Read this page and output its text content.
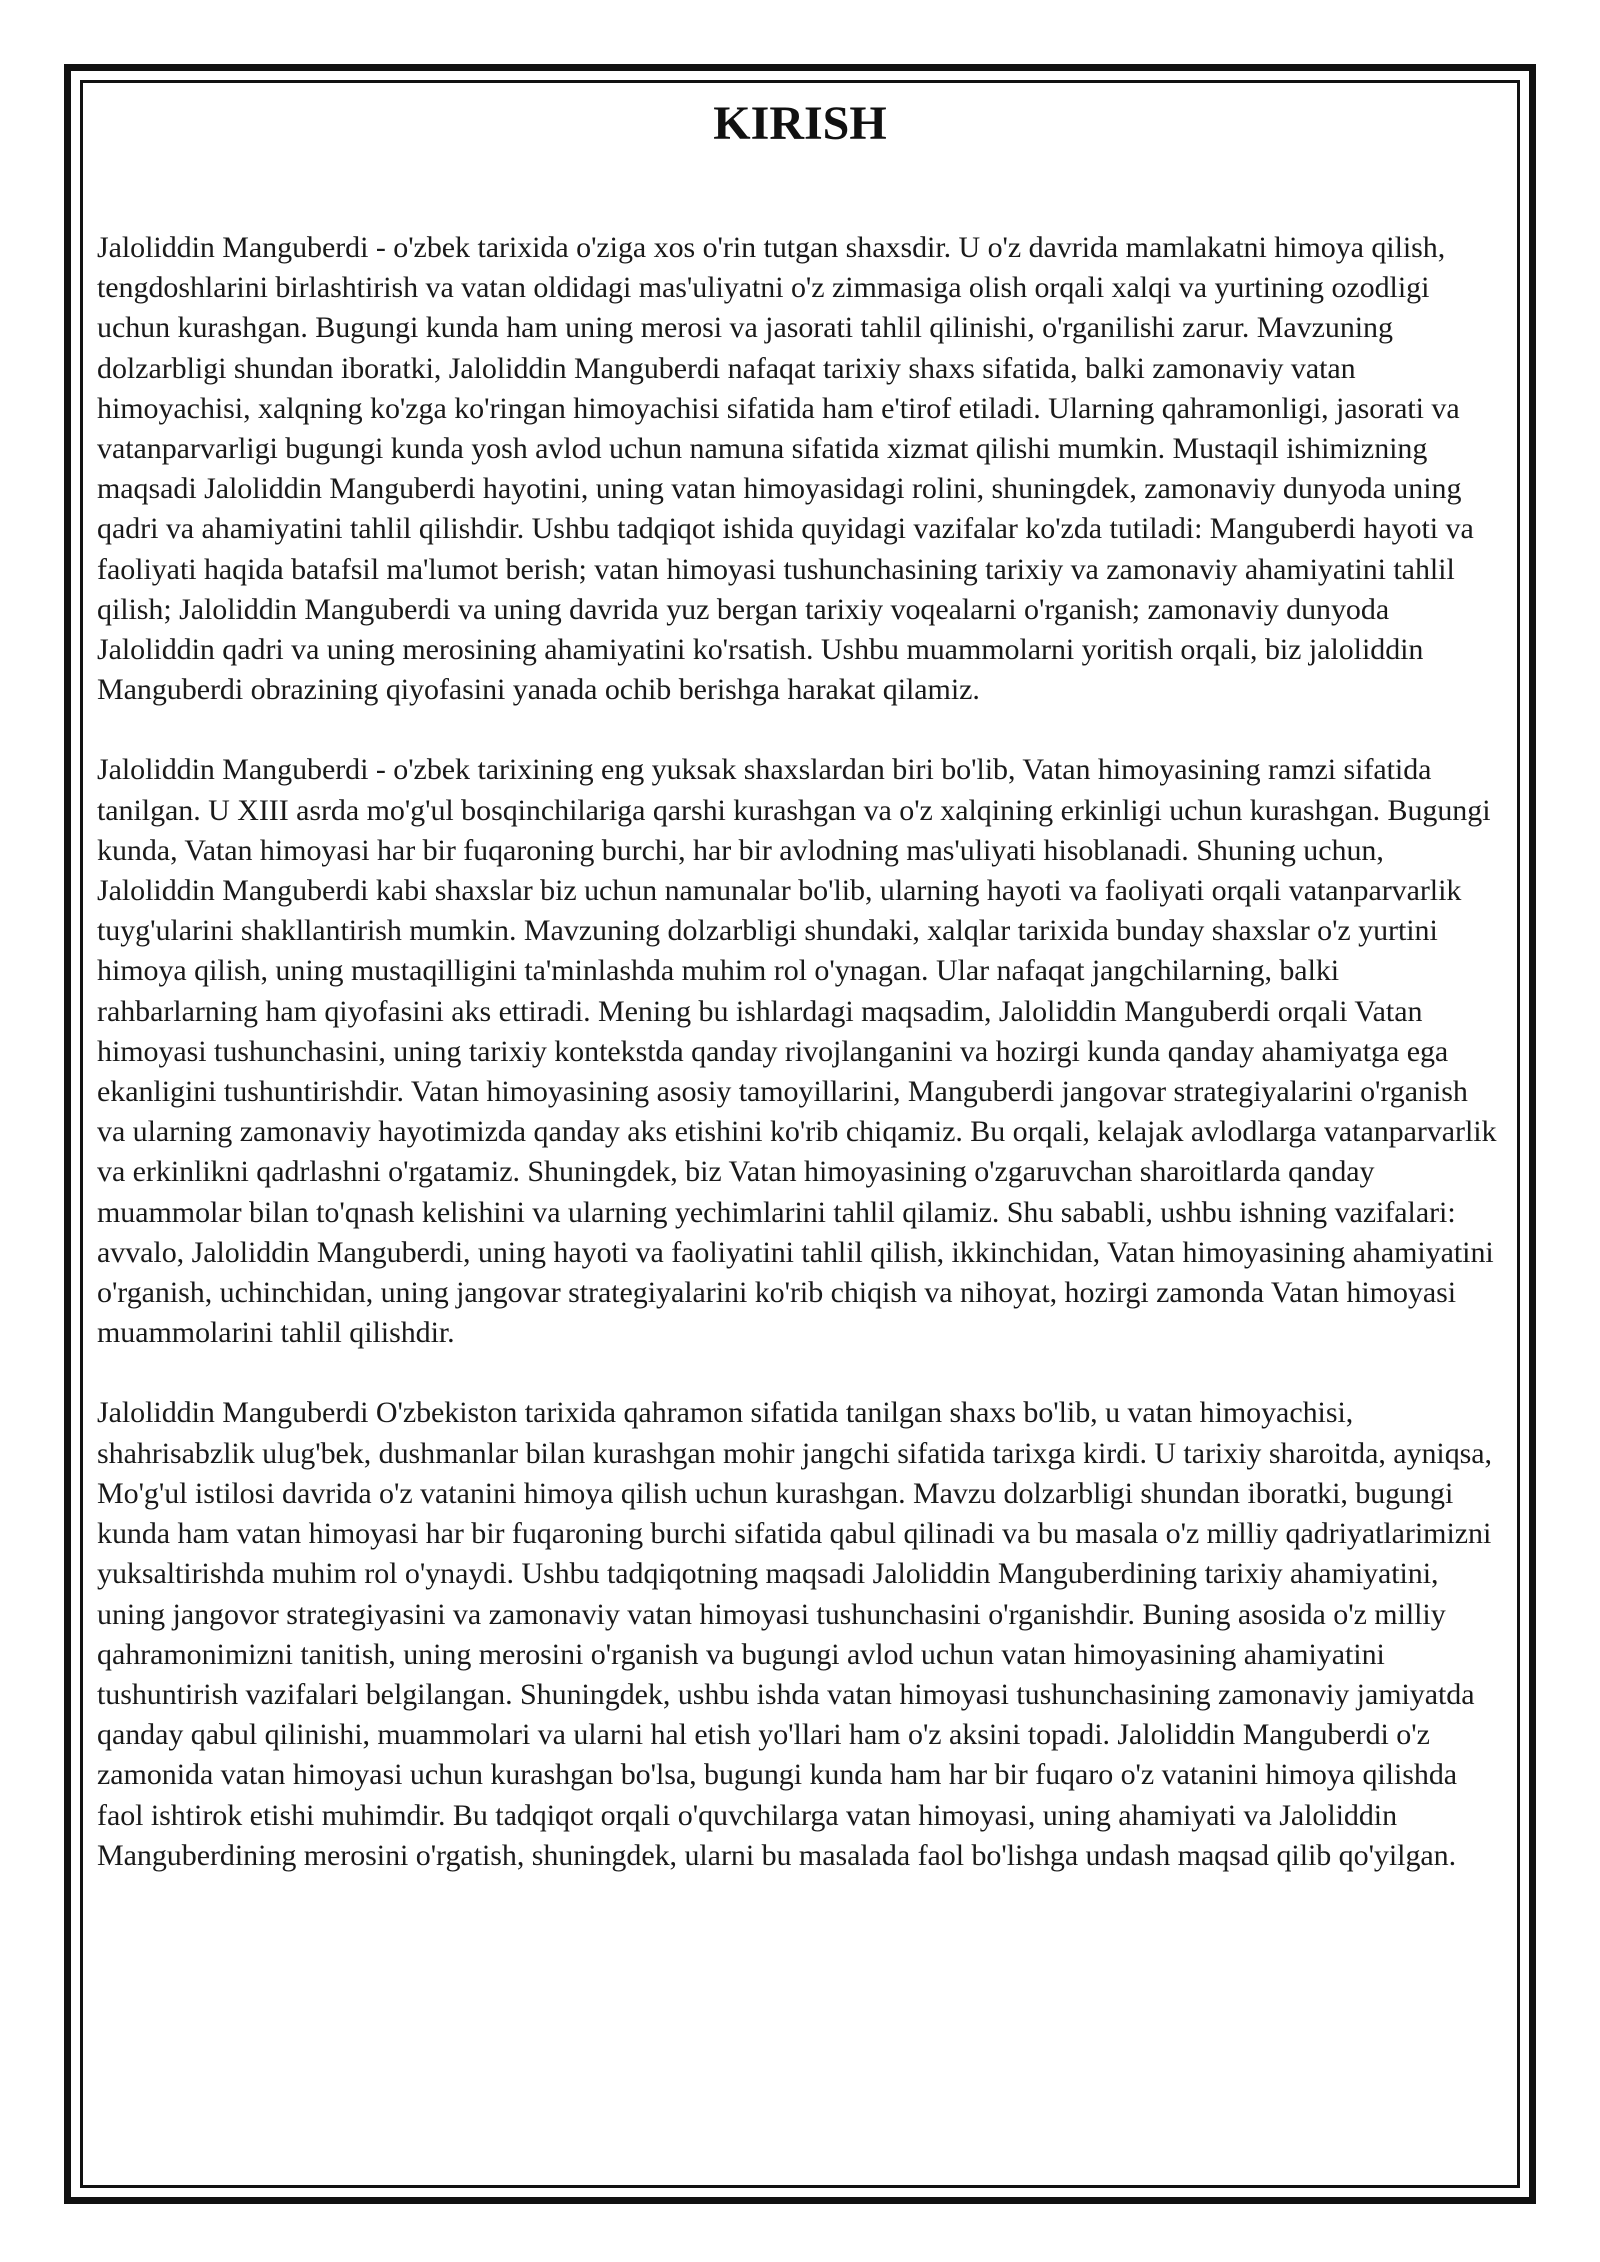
KIRISH

Jaloliddin Manguberdi - o'zbek tarixida o'ziga xos o'rin tutgan shaxsdir. U o'z davrida mamlakatni himoya qilish, tengdoshlarini birlashtirish va vatan oldidagi mas'uliyatni o'z zimmasiga olish orqali xalqi va yurtining ozodligi uchun kurashgan. Bugungi kunda ham uning merosi va jasorati tahlil qilinishi, o'rganilishi zarur. Mavzuning dolzarbligi shundan iboratki, Jaloliddin Manguberdi nafaqat tarixiy shaxs sifatida, balki zamonaviy vatan himoyachisi, xalqning ko'zga ko'ringan himoyachisi sifatida ham e'tirof etiladi. Ularning qahramonligi, jasorati va vatanparvarligi bugungi kunda yosh avlod uchun namuna sifatida xizmat qilishi mumkin. Mustaqil ishimizning maqsadi Jaloliddin Manguberdi hayotini, uning vatan himoyasidagi rolini, shuningdek, zamonaviy dunyoda uning qadri va ahamiyatini tahlil qilishdir. Ushbu tadqiqot ishida quyidagi vazifalar ko'zda tutiladi: Manguberdi hayoti va faoliyati haqida batafsil ma'lumot berish; vatan himoyasi tushunchasining tarixiy va zamonaviy ahamiyatini tahlil qilish; Jaloliddin Manguberdi va uning davrida yuz bergan tarixiy voqealarni o'rganish; zamonaviy dunyoda Jaloliddin qadri va uning merosining ahamiyatini ko'rsatish. Ushbu muammolarni yoritish orqali, biz jaloliddin Manguberdi obrazining qiyofasini yanada ochib berishga harakat qilamiz.

Jaloliddin Manguberdi - o'zbek tarixining eng yuksak shaxslardan biri bo'lib, Vatan himoyasining ramzi sifatida tanilgan. U XIII asrda mo'g'ul bosqinchilariga qarshi kurashgan va o'z xalqining erkinligi uchun kurashgan. Bugungi kunda, Vatan himoyasi har bir fuqaroning burchi, har bir avlodning mas'uliyati hisoblanadi. Shuning uchun, Jaloliddin Manguberdi kabi shaxslar biz uchun namunalar bo'lib, ularning hayoti va faoliyati orqali vatanparvarlik tuyg'ularini shakllantirish mumkin. Mavzuning dolzarbligi shundaki, xalqlar tarixida bunday shaxslar o'z yurtini himoya qilish, uning mustaqilligini ta'minlashda muhim rol o'ynagan. Ular nafaqat jangchilarning, balki rahbarlarning ham qiyofasini aks ettiradi. Mening bu ishlardagi maqsadim, Jaloliddin Manguberdi orqali Vatan himoyasi tushunchasini, uning tarixiy kontekstda qanday rivojlanganini va hozirgi kunda qanday ahamiyatga ega ekanligini tushuntirishdir. Vatan himoyasining asosiy tamoyillarini, Manguberdi jangovar strategiyalarini o'rganish va ularning zamonaviy hayotimizda qanday aks etishini ko'rib chiqamiz. Bu orqali, kelajak avlodlarga vatanparvarlik va erkinlikni qadrlashni o'rgatamiz. Shuningdek, biz Vatan himoyasining o'zgaruvchan sharoitlarda qanday muammolar bilan to'qnash kelishini va ularning yechimlarini tahlil qilamiz. Shu sababli, ushbu ishning vazifalari: avvalo, Jaloliddin Manguberdi, uning hayoti va faoliyatini tahlil qilish, ikkinchidan, Vatan himoyasining ahamiyatini o'rganish, uchinchidan, uning jangovar strategiyalarini ko'rib chiqish va nihoyat, hozirgi zamonda Vatan himoyasi muammolarini tahlil qilishdir.

Jaloliddin Manguberdi O'zbekiston tarixida qahramon sifatida tanilgan shaxs bo'lib, u vatan himoyachisi, shahrisabzlik ulug'bek, dushmanlar bilan kurashgan mohir jangchi sifatida tarixga kirdi. U tarixiy sharoitda, ayniqsa, Mo'g'ul istilosi davrida o'z vatanini himoya qilish uchun kurashgan. Mavzu dolzarbligi shundan iboratki, bugungi kunda ham vatan himoyasi har bir fuqaroning burchi sifatida qabul qilinadi va bu masala o'z milliy qadriyatlarimizni yuksaltirishda muhim rol o'ynaydi. Ushbu tadqiqotning maqsadi Jaloliddin Manguberdining tarixiy ahamiyatini, uning jangovor strategiyasini va zamonaviy vatan himoyasi tushunchasini o'rganishdir. Buning asosida o'z milliy qahramonimizni tanitish, uning merosini o'rganish va bugungi avlod uchun vatan himoyasining ahamiyatini tushuntirish vazifalari belgilangan. Shuningdek, ushbu ishda vatan himoyasi tushunchasining zamonaviy jamiyatda qanday qabul qilinishi, muammolari va ularni hal etish yo'llari ham o'z aksini topadi. Jaloliddin Manguberdi o'z zamonida vatan himoyasi uchun kurashgan bo'lsa, bugungi kunda ham har bir fuqaro o'z vatanini himoya qilishda faol ishtirok etishi muhimdir. Bu tadqiqot orqali o'quvchilarga vatan himoyasi, uning ahamiyati va Jaloliddin Manguberdining merosini o'rgatish, shuningdek, ularni bu masalada faol bo'lishga undash maqsad qilib qo'yilgan.
